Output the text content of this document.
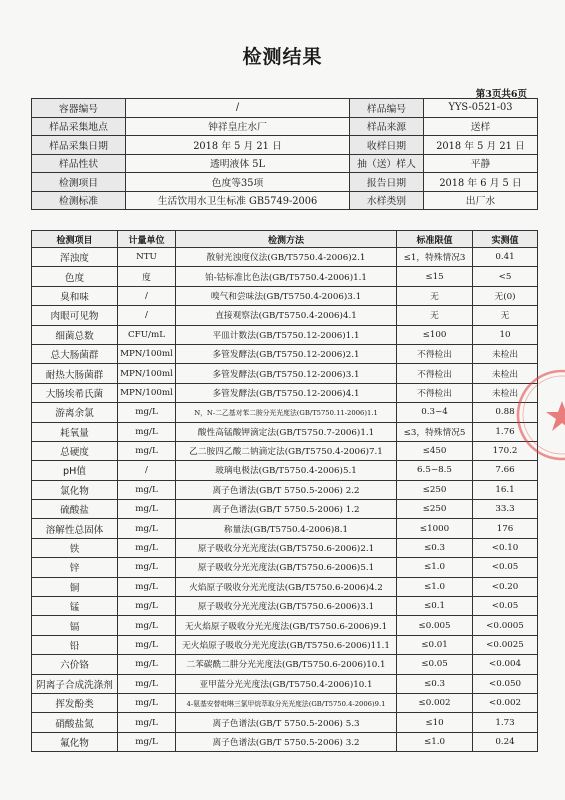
检测结果
第3页共6页
容器编号	/	样品编号	YYS-0521-03
样品采集地点	钟祥皇庄水厂	样品来源	送样
样品采集日期	2018 年 5 月 21 日	收样日期	2018 年 5 月 21 日
样品性状	透明液体 5L	抽（送）样人	平静
检测项目	色度等35项	报告日期	2018 年 6 月 5 日
检测标准	生活饮用水卫生标准 GB5749-2006	水样类别	出厂水
检测项目	计量单位	检测方法	标准限值	实测值
浑浊度	NTU	散射光浊度仪法(GB/T5750.4-2006)2.1	≤1，特殊情况3	0.41
色度	度	铂-钴标准比色法(GB/T5750.4-2006)1.1	≤15	<5
臭和味	/	嗅气和尝味法(GB/T5750.4-2006)3.1	无	无(0)
肉眼可见物	/	直接观察法(GB/T5750.4-2006)4.1	无	无
细菌总数	CFU/mL	平皿计数法(GB/T5750.12-2006)1.1	≤100	10
总大肠菌群	MPN/100ml	多管发酵法(GB/T5750.12-2006)2.1	不得检出	未检出
耐热大肠菌群	MPN/100ml	多管发酵法(GB/T5750.12-2006)3.1	不得检出	未检出
大肠埃希氏菌	MPN/100ml	多管发酵法(GB/T5750.12-2006)4.1	不得检出	未检出
游离余氯	mg/L	N，N-二乙基对苯二胺分光光度法(GB/T5750.11-2006)1.1	0.3~4	0.88
耗氧量	mg/L	酸性高锰酸钾滴定法(GB/T5750.7-2006)1.1	≤3，特殊情况5	1.76
总硬度	mg/L	乙二胺四乙酸二钠滴定法(GB/T5750.4-2006)7.1	≤450	170.2
pH值	/	玻璃电极法(GB/T5750.4-2006)5.1	6.5~8.5	7.66
氯化物	mg/L	离子色谱法(GB/T 5750.5-2006) 2.2	≤250	16.1
硫酸盐	mg/L	离子色谱法(GB/T 5750.5-2006) 1.2	≤250	33.3
溶解性总固体	mg/L	称量法(GB/T5750.4-2006)8.1	≤1000	176
铁	mg/L	原子吸收分光光度法(GB/T5750.6-2006)2.1	≤0.3	<0.10
锌	mg/L	原子吸收分光光度法(GB/T5750.6-2006)5.1	≤1.0	<0.05
铜	mg/L	火焰原子吸收分光光度法(GB/T5750.6-2006)4.2	≤1.0	<0.20
锰	mg/L	原子吸收分光光度法(GB/T5750.6-2006)3.1	≤0.1	<0.05
镉	mg/L	无火焰原子吸收分光光度法(GB/T5750.6-2006)9.1	≤0.005	<0.0005
铅	mg/L	无火焰原子吸收分光光度法(GB/T5750.6-2006)11.1	≤0.01	<0.0025
六价铬	mg/L	二苯碳酰二肼分光光度法(GB/T5750.6-2006)10.1	≤0.05	<0.004
阴离子合成洗涤剂	mg/L	亚甲蓝分光光度法(GB/T5750.4-2006)10.1	≤0.3	<0.050
挥发酚类	mg/L	4-氨基安替吡啉三氯甲烷萃取分光光度法(GB/T5750.4-2006)9.1	≤0.002	<0.002
硝酸盐氮	mg/L	离子色谱法(GB/T 5750.5-2006) 5.3	≤10	1.73
氟化物	mg/L	离子色谱法(GB/T 5750.5-2006) 3.2	≤1.0	0.24
